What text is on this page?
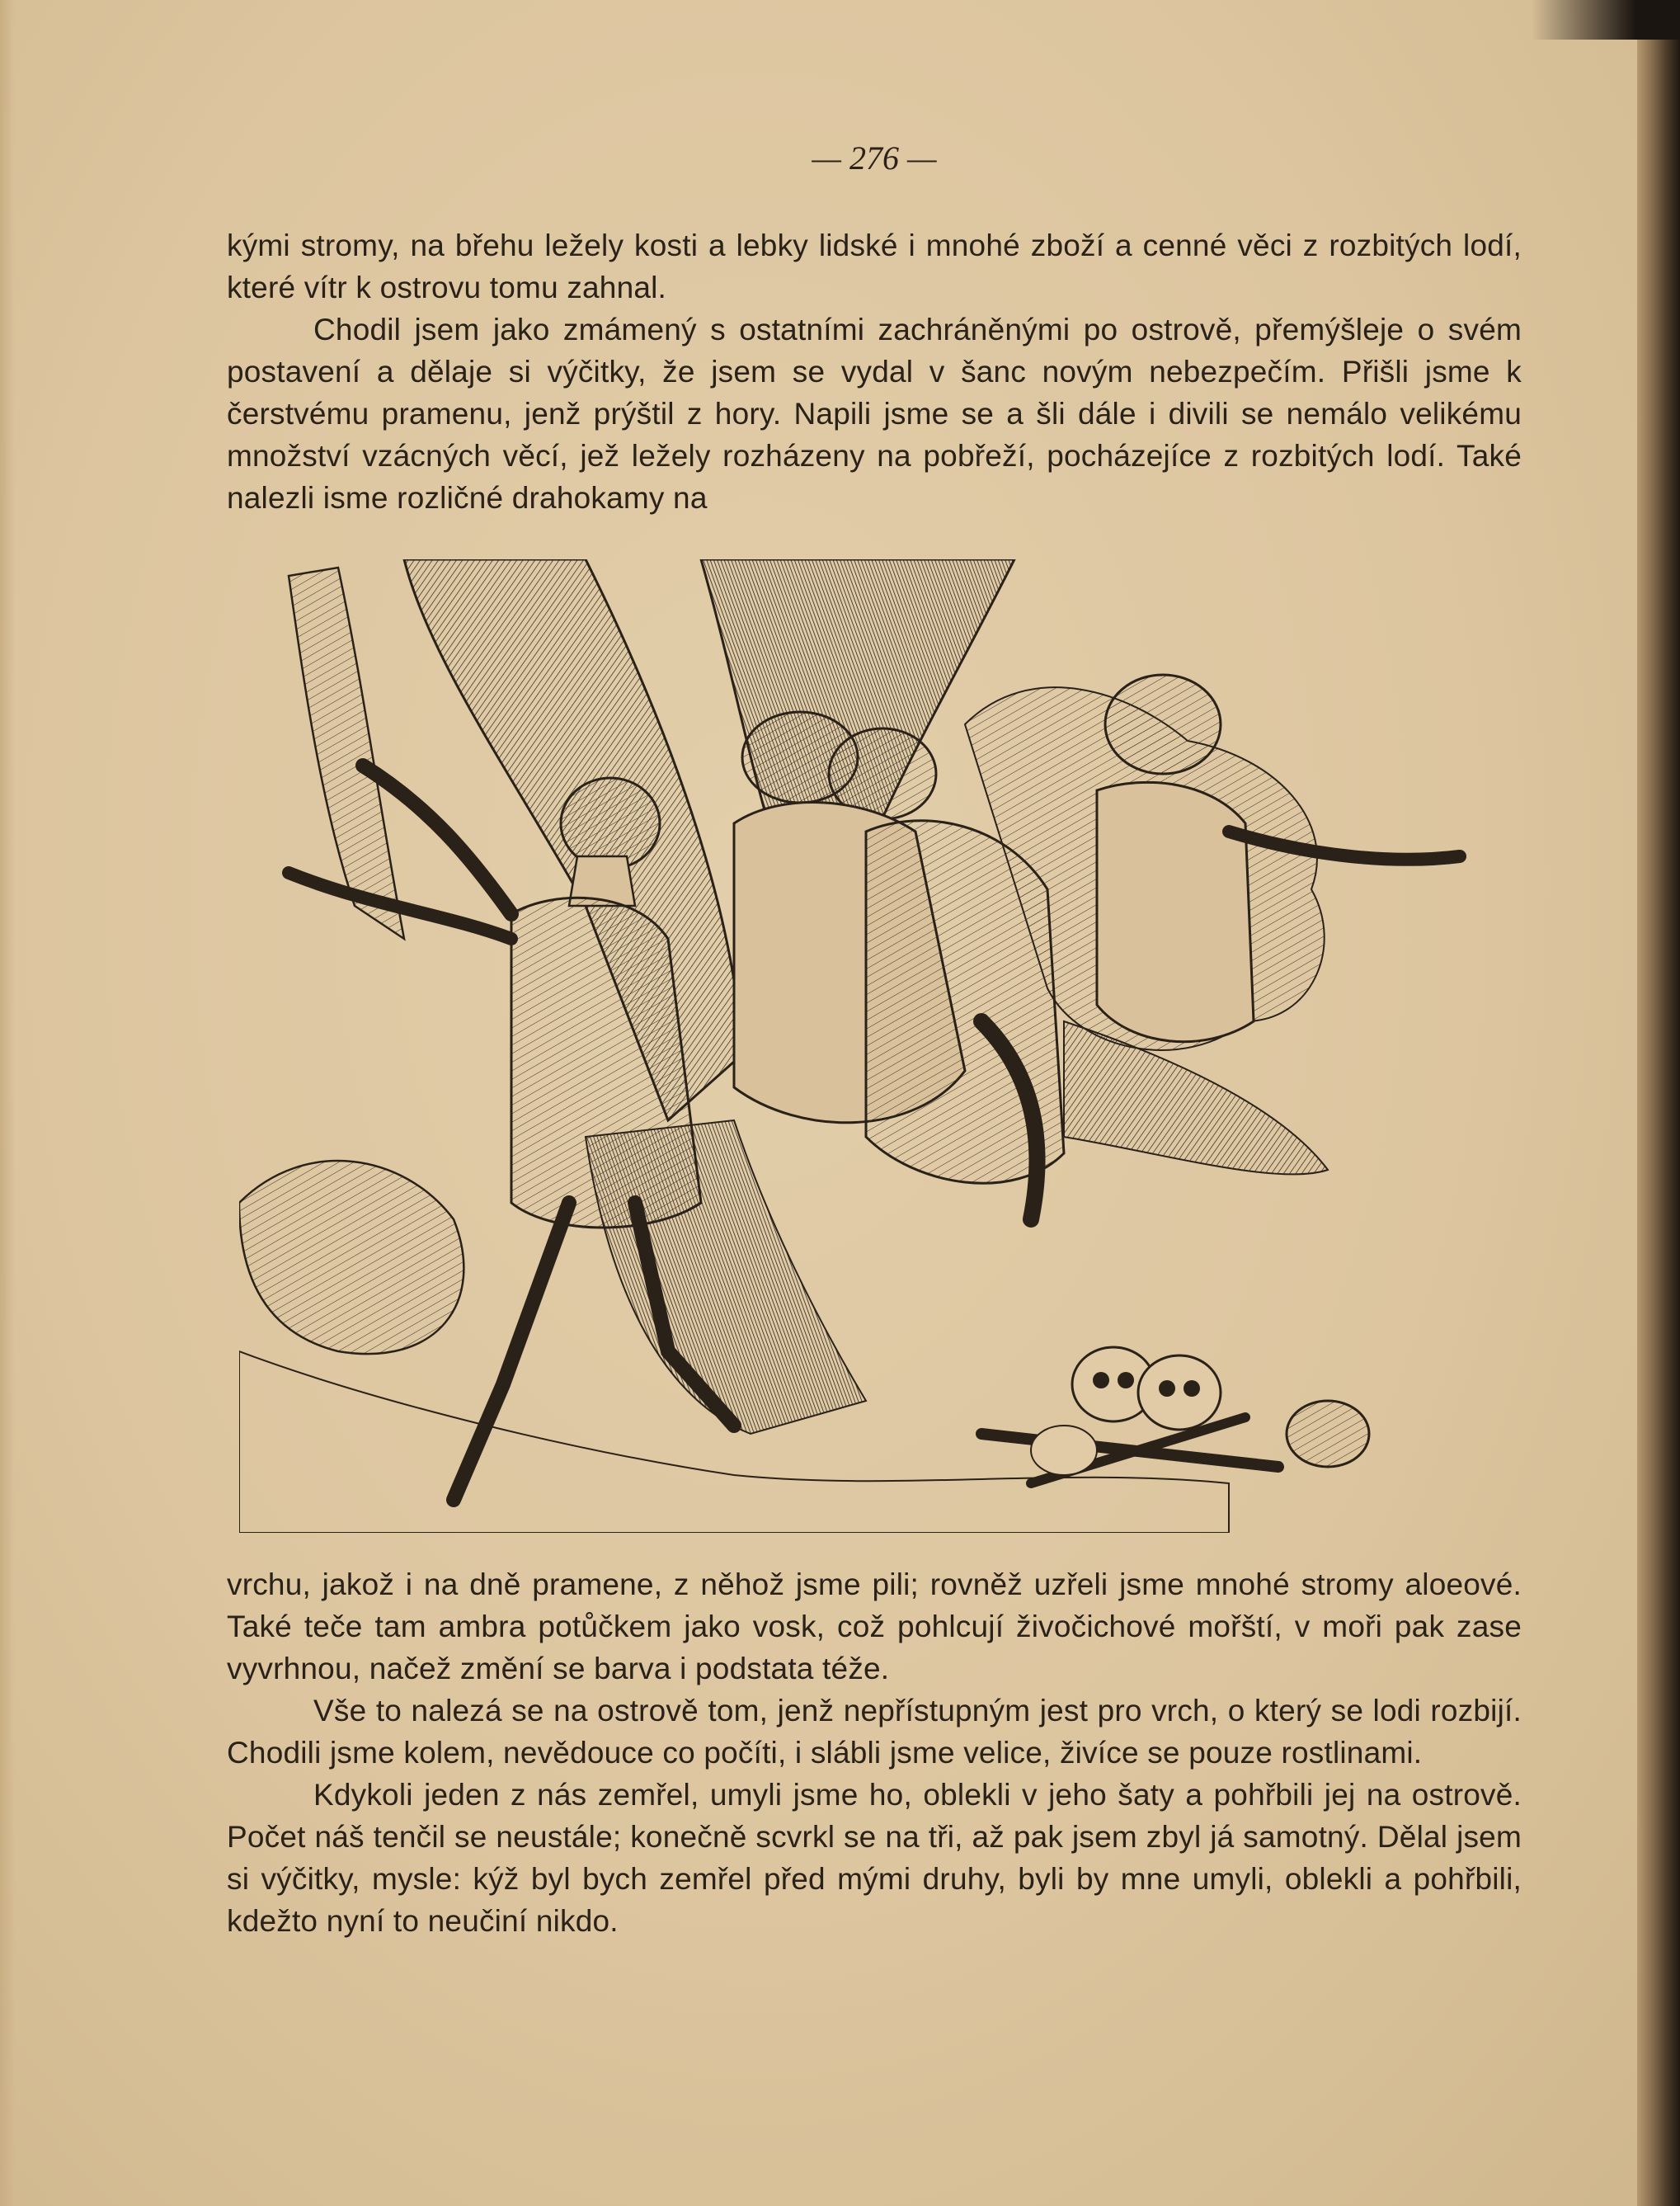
— 276 —

kými stromy, na břehu ležely kosti a lebky lidské i mnohé zboží a cenné věci z rozbitých lodí, které vítr k ostrovu tomu zahnal.

Chodil jsem jako zmámený s ostatními zachráněnými po ostrově, přemýšleje o svém postavení a dělaje si výčitky, že jsem se vydal v šanc novým nebezpečím. Přišli jsme k čerstvému pramenu, jenž prýštil z hory. Napili jsme se a šli dále i divili se nemálo velikému množství vzácných věcí, jež ležely rozházeny na pobřeží, pocházejíce z rozbitých lodí. Také nalezli isme rozličné drahokamy na

vrchu, jakož i na dně pramene, z něhož jsme pili; rovněž uzřeli jsme mnohé stromy aloeové. Také teče tam ambra potůčkem jako vosk, což pohlcují živočichové mořští, v moři pak zase vyvrhnou, načež změní se barva i podstata téže.

Vše to nalezá se na ostrově tom, jenž nepřístupným jest pro vrch, o který se lodi rozbijí. Chodili jsme kolem, nevědouce co počíti, i slábli jsme velice, živíce se pouze rostlinami.

Kdykoli jeden z nás zemřel, umyli jsme ho, oblekli v jeho šaty a pohřbili jej na ostrově. Počet náš tenčil se neustále; konečně scvrkl se na tři, až pak jsem zbyl já samotný. Dělal jsem si výčitky, mysle: kýž byl bych zemřel před mými druhy, byli by mne umyli, oblekli a pohřbili, kdežto nyní to neučiní nikdo.
